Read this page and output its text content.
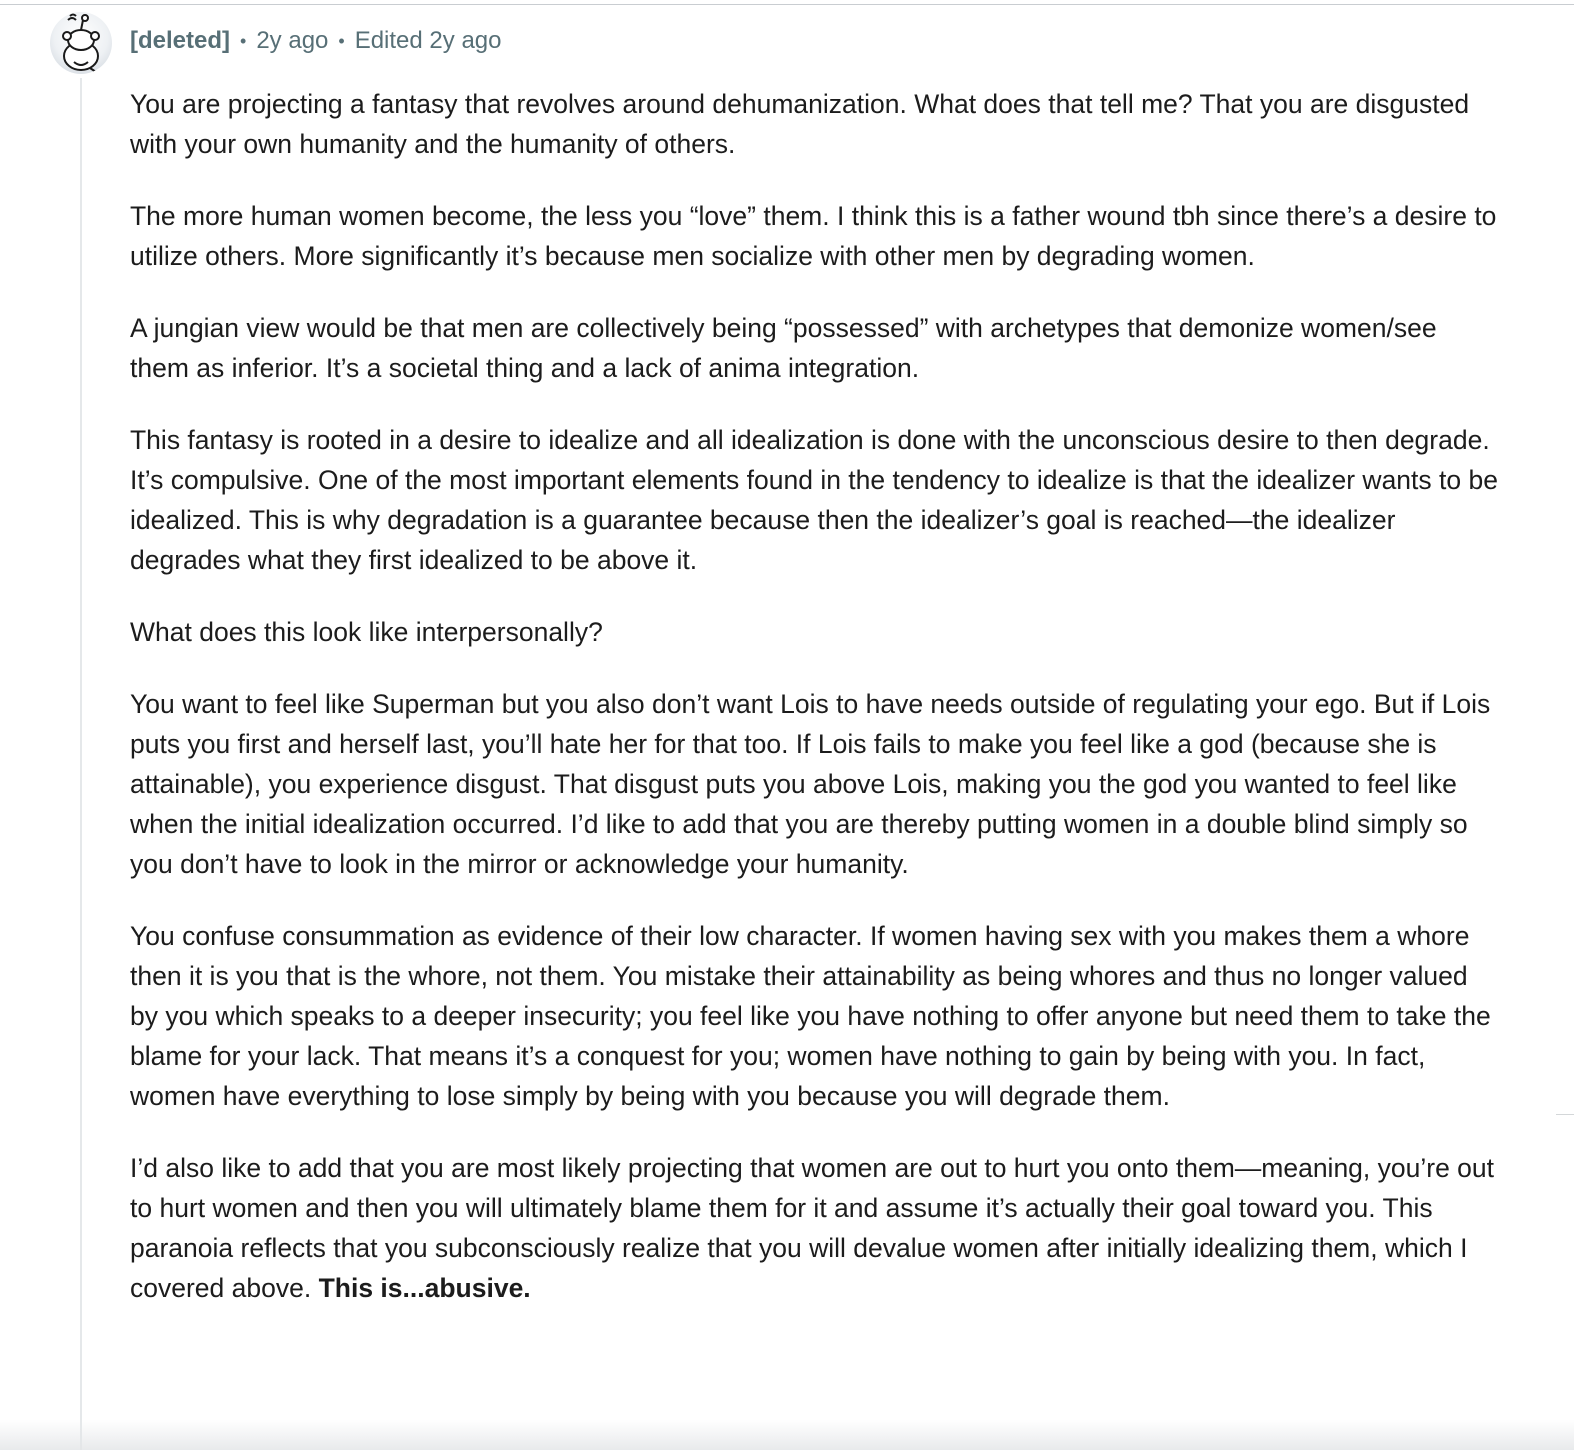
[deleted] • 2y ago • Edited 2y ago

You are projecting a fantasy that revolves around dehumanization. What does that tell me? That you are disgusted with your own humanity and the humanity of others.

The more human women become, the less you “love” them. I think this is a father wound tbh since there’s a desire to utilize others. More significantly it’s because men socialize with other men by degrading women.

A jungian view would be that men are collectively being “possessed” with archetypes that demonize women/see them as inferior. It’s a societal thing and a lack of anima integration.

This fantasy is rooted in a desire to idealize and all idealization is done with the unconscious desire to then degrade. It’s compulsive. One of the most important elements found in the tendency to idealize is that the idealizer wants to be idealized. This is why degradation is a guarantee because then the idealizer’s goal is reached—the idealizer degrades what they first idealized to be above it.

What does this look like interpersonally?

You want to feel like Superman but you also don’t want Lois to have needs outside of regulating your ego. But if Lois puts you first and herself last, you’ll hate her for that too. If Lois fails to make you feel like a god (because she is attainable), you experience disgust. That disgust puts you above Lois, making you the god you wanted to feel like when the initial idealization occurred. I’d like to add that you are thereby putting women in a double blind simply so you don’t have to look in the mirror or acknowledge your humanity.

You confuse consummation as evidence of their low character. If women having sex with you makes them a whore then it is you that is the whore, not them. You mistake their attainability as being whores and thus no longer valued by you which speaks to a deeper insecurity; you feel like you have nothing to offer anyone but need them to take the blame for your lack. That means it’s a conquest for you; women have nothing to gain by being with you. In fact, women have everything to lose simply by being with you because you will degrade them.

I’d also like to add that you are most likely projecting that women are out to hurt you onto them—meaning, you’re out to hurt women and then you will ultimately blame them for it and assume it’s actually their goal toward you. This paranoia reflects that you subconsciously realize that you will devalue women after initially idealizing them, which I covered above. This is...abusive.
